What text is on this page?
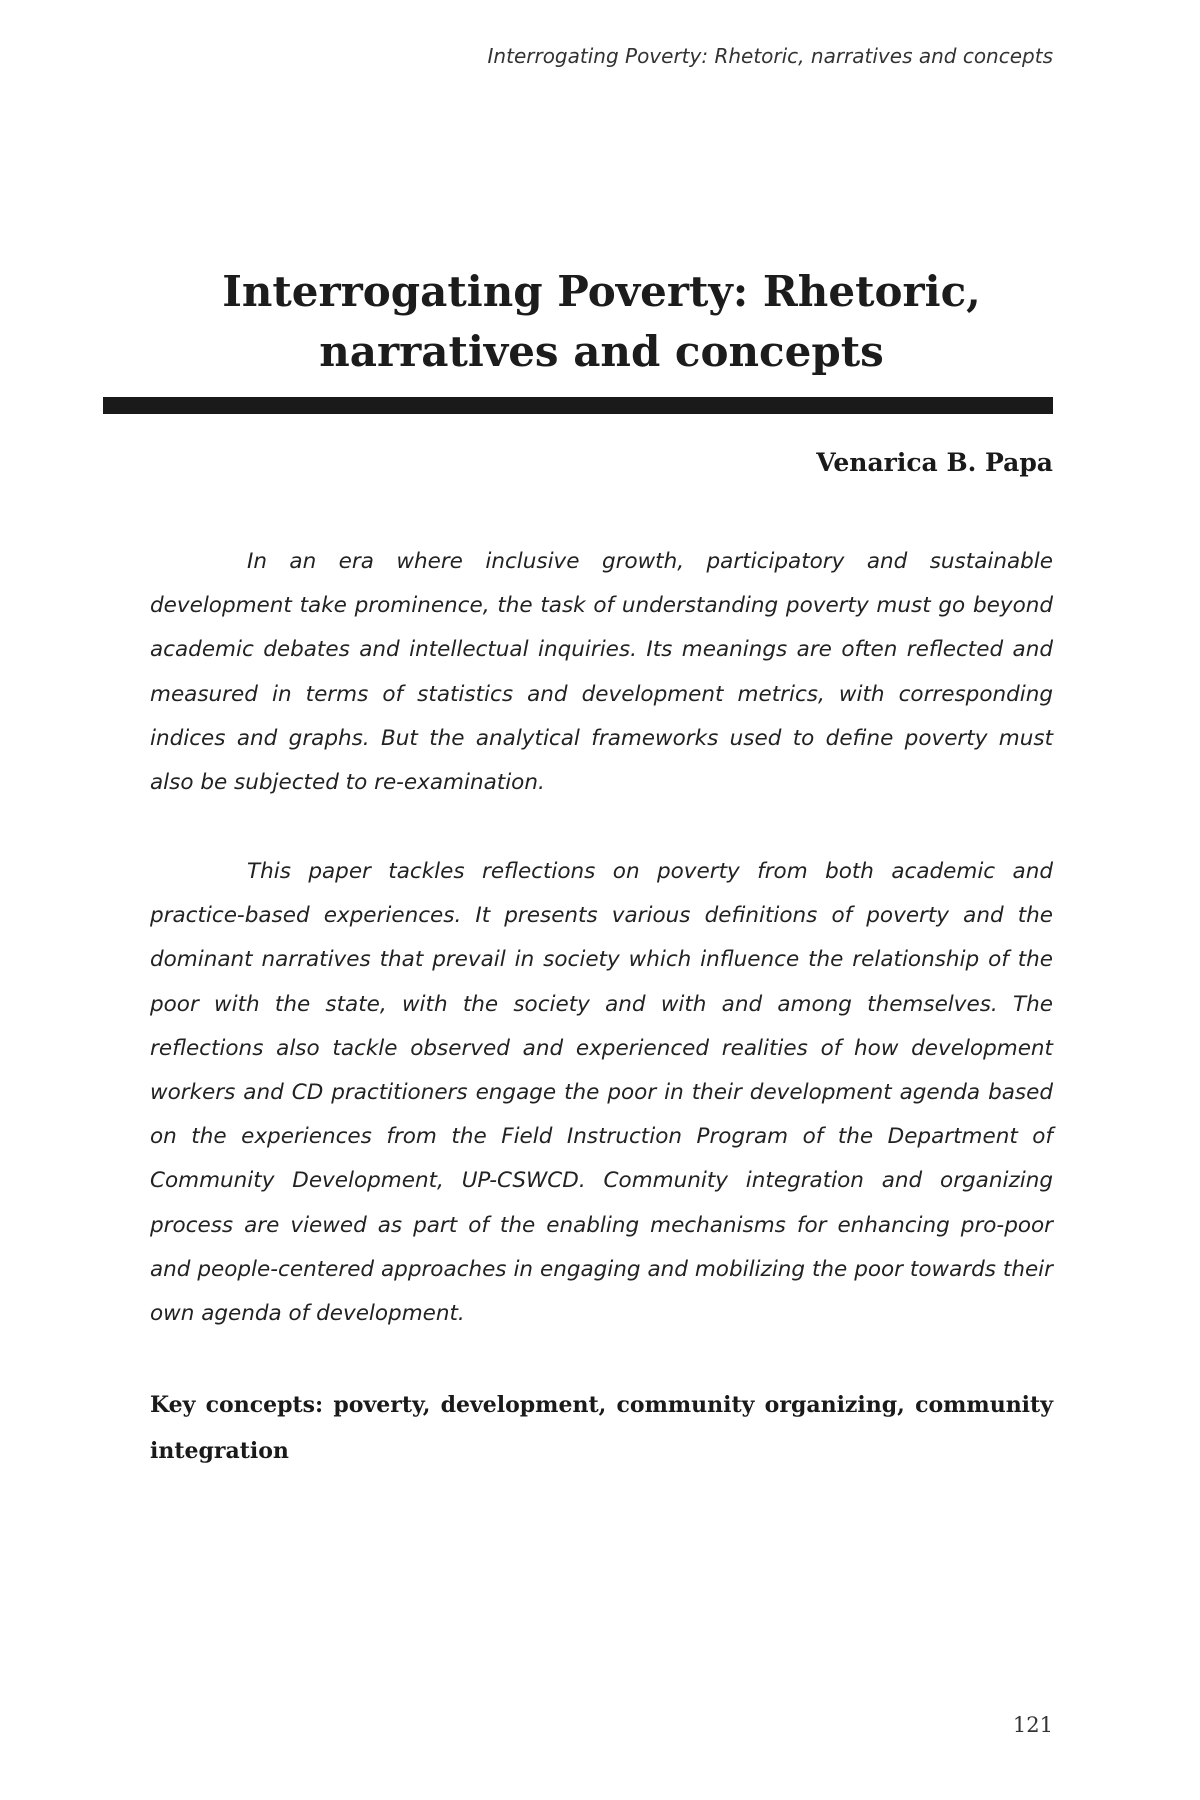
Interrogating Poverty: Rhetoric, narratives and concepts
Interrogating Poverty: Rhetoric,
narratives and concepts
Venarica B. Papa

In an era where inclusive growth, participatory and sustainable development take prominence, the task of understanding poverty must go beyond academic debates and intellectual inquiries. Its meanings are often reflected and measured in terms of statistics and development metrics, with corresponding indices and graphs. But the analytical frameworks used to define poverty must also be subjected to re-examination.

This paper tackles reflections on poverty from both academic and practice-based experiences. It presents various definitions of poverty and the dominant narratives that prevail in society which influence the relationship of the poor with the state, with the society and with and among themselves. The reflections also tackle observed and experienced realities of how development workers and CD practitioners engage the poor in their development agenda based on the experiences from the Field Instruction Program of the Department of Community Development, UP-CSWCD. Community integration and organizing process are viewed as part of the enabling mechanisms for enhancing pro-poor and people-centered approaches in engaging and mobilizing the poor towards their own agenda of development.

Key concepts: poverty, development, community organizing, community integration

121
